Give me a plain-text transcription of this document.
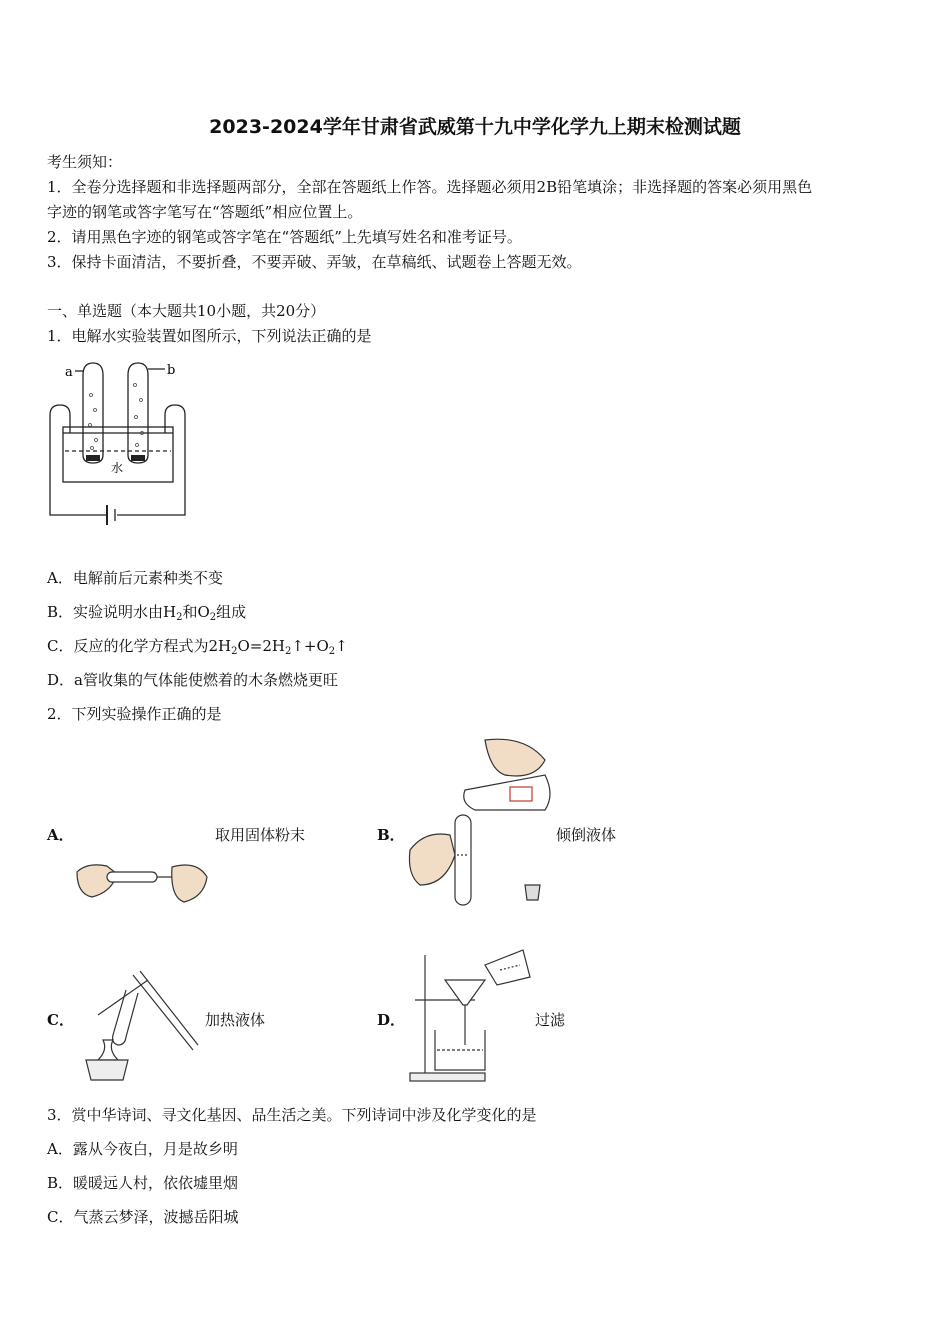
2023-2024学年甘肃省武威第十九中学化学九上期末检测试题
考生须知：
1．全卷分选择题和非选择题两部分，全部在答题纸上作答。选择题必须用2B铅笔填涂；非选择题的答案必须用黑色
字迹的钢笔或答字笔写在“答题纸”相应位置上。
2．请用黑色字迹的钢笔或答字笔在“答题纸”上先填写姓名和准考证号。
3．保持卡面清洁，不要折叠，不要弄破、弄皱，在草稿纸、试题卷上答题无效。
一、单选题（本大题共10小题，共20分）
1．电解水实验装置如图所示，下列说法正确的是
a	b
水
A．电解前后元素种类不变
B．实验说明水由$H_2$和$O_2$组成
C．反应的化学方程式为$2H_2O=2H_2↑+O_2↑$
D．a管收集的气体能使燃着的木条燃烧更旺
2．下列实验操作正确的是
A．	取用固体粉末	B．	倾倒液体
C．	加热液体	D．	过滤
3．赏中华诗词、寻文化基因、品生活之美。下列诗词中涉及化学变化的是
A．露从今夜白，月是故乡明
B．暖暖远人村，依依墟里烟
C．气蒸云梦泽，波撼岳阳城
